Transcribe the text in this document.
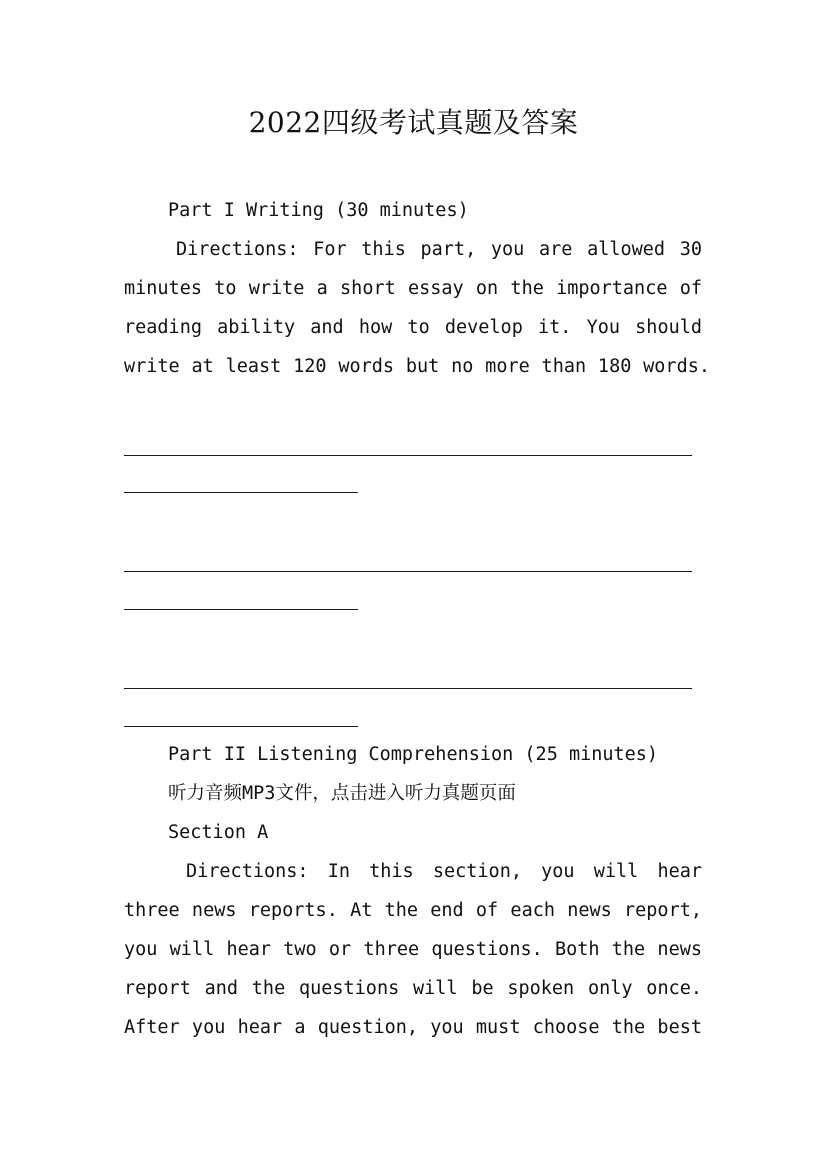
2022四级考试真题及答案
Part I Writing (30 minutes)
Directions: For this part, you are allowed 30
minutes to write a short essay on the importance of
reading ability and how to develop it. You should
write at least 120 words but no more than 180 words.
Part II Listening Comprehension (25 minutes)
听力音频MP3文件，点击进入听力真题页面
Section A
Directions: In this section, you will hear
three news reports. At the end of each news report,
you will hear two or three questions. Both the news
report and the questions will be spoken only once.
After you hear a question, you must choose the best
